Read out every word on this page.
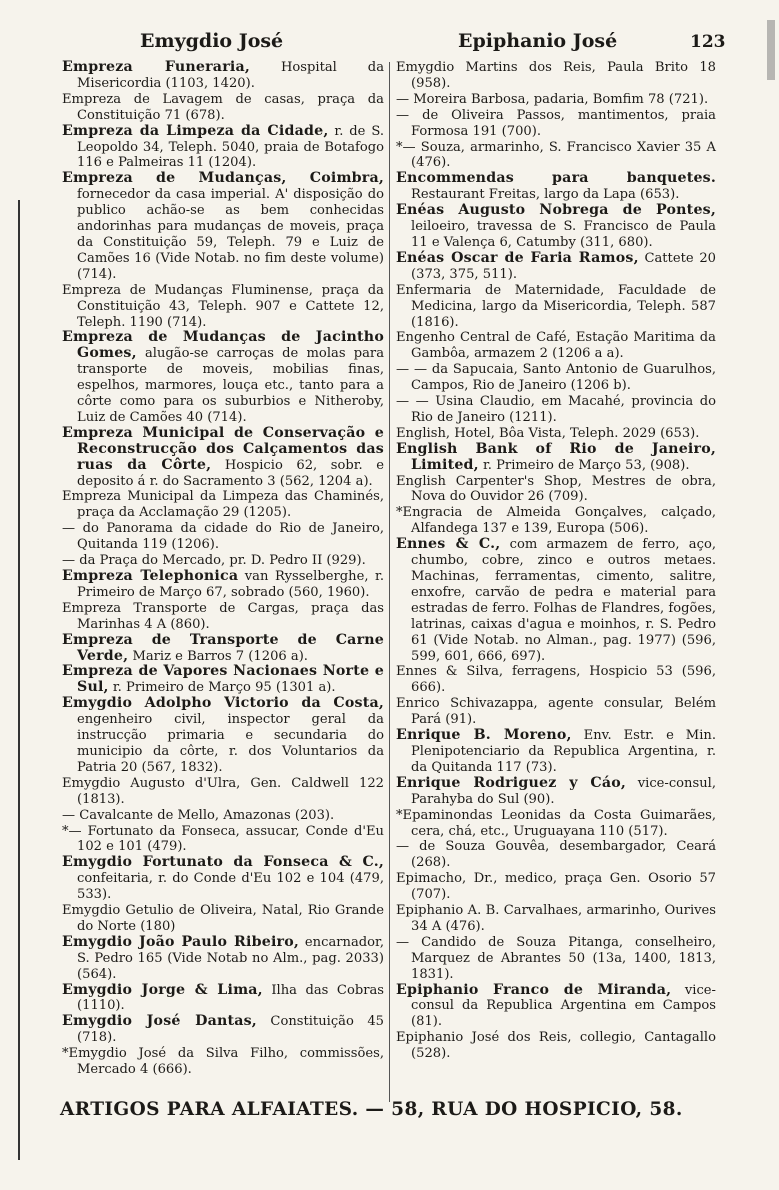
Emygdio José	Epiphanio José	123

Empreza Funeraria, Hospital da Misericordia (1103, 1420).

Empreza de Lavagem de casas, praça da Constituição 71 (678).

Empreza da Limpeza da Cidade, r. de S. Leopoldo 34, Teleph. 5040, praia de Botafogo 116 e Palmeiras 11 (1204).

Empreza de Mudanças, Coimbra, fornecedor da casa imperial. A' disposição do publico achão-se as bem conhecidas andorinhas para mudanças de moveis, praça da Constituição 59, Teleph. 79 e Luiz de Camões 16 (Vide Notab. no fim deste volume) (714).

Empreza de Mudanças Fluminense, praça da Constituição 43, Teleph. 907 e Cattete 12, Teleph. 1190 (714).

Empreza de Mudanças de Jacintho Gomes, alugão-se carroças de molas para transporte de moveis, mobilias finas, espelhos, marmores, louça etc., tanto para a côrte como para os suburbios e Nitheroby, Luiz de Camões 40 (714).

Empreza Municipal de Conservação e Reconstrucção dos Calçamentos das ruas da Côrte, Hospicio 62, sobr. e deposito á r. do Sacramento 3 (562, 1204 a).

Empreza Municipal da Limpeza das Chaminés, praça da Acclamação 29 (1205).

— do Panorama da cidade do Rio de Janeiro, Quitanda 119 (1206).

— da Praça do Mercado, pr. D. Pedro II (929).

Empreza Telephonica van Rysselberghe, r. Primeiro de Março 67, sobrado (560, 1960).

Empreza Transporte de Cargas, praça das Marinhas 4 A (860).

Empreza de Transporte de Carne Verde, Mariz e Barros 7 (1206 a).

Empreza de Vapores Nacionaes Norte e Sul, r. Primeiro de Março 95 (1301 a).

Emygdio Adolpho Victorio da Costa, engenheiro civil, inspector geral da instrucção primaria e secundaria do municipio da côrte, r. dos Voluntarios da Patria 20 (567, 1832).

Emygdio Augusto d'Ulra, Gen. Caldwell 122 (1813).

— Cavalcante de Mello, Amazonas (203).

*— Fortunato da Fonseca, assucar, Conde d'Eu 102 e 101 (479).

Emygdio Fortunato da Fonseca & C., confeitaria, r. do Conde d'Eu 102 e 104 (479, 533).

Emygdio Getulio de Oliveira, Natal, Rio Grande do Norte (180)

Emygdio João Paulo Ribeiro, encarnador, S. Pedro 165 (Vide Notab no Alm., pag. 2033) (564).

Emygdio Jorge & Lima, Ilha das Cobras (1110).

Emygdio José Dantas, Constituição 45 (718).

*Emygdio José da Silva Filho, commissões, Mercado 4 (666).

Emygdio Martins dos Reis, Paula Brito 18 (958).

— Moreira Barbosa, padaria, Bomfim 78 (721).

— de Oliveira Passos, mantimentos, praia Formosa 191 (700).

*— Souza, armarinho, S. Francisco Xavier 35 A (476).

Encommendas para banquetes. Restaurant Freitas, largo da Lapa (653).

Enéas Augusto Nobrega de Pontes, leiloeiro, travessa de S. Francisco de Paula 11 e Valença 6, Catumby (311, 680).

Enéas Oscar de Faria Ramos, Cattete 20 (373, 375, 511).

Enfermaria de Maternidade, Faculdade de Medicina, largo da Misericordia, Teleph. 587 (1816).

Engenho Central de Café, Estação Maritima da Gambôa, armazem 2 (1206 a a).

— — da Sapucaia, Santo Antonio de Guarulhos, Campos, Rio de Janeiro (1206 b).

— — Usina Claudio, em Macahé, provincia do Rio de Janeiro (1211).

English, Hotel, Bôa Vista, Teleph. 2029 (653).

English Bank of Rio de Janeiro, Limited, r. Primeiro de Março 53, (908).

English Carpenter's Shop, Mestres de obra, Nova do Ouvidor 26 (709).

*Engracia de Almeida Gonçalves, calçado, Alfandega 137 e 139, Europa (506).

Ennes & C., com armazem de ferro, aço, chumbo, cobre, zinco e outros metaes. Machinas, ferramentas, cimento, salitre, enxofre, carvão de pedra e material para estradas de ferro. Folhas de Flandres, fogões, latrinas, caixas d'agua e moinhos, r. S. Pedro 61 (Vide Notab. no Alman., pag. 1977) (596, 599, 601, 666, 697).

Ennes & Silva, ferragens, Hospicio 53 (596, 666).

Enrico Schivazappa, agente consular, Belém Pará (91).

Enrique B. Moreno, Env. Estr. e Min. Plenipotenciario da Republica Argentina, r. da Quitanda 117 (73).

Enrique Rodriguez y Cáo, vice-consul, Parahyba do Sul (90).

*Epaminondas Leonidas da Costa Guimarães, cera, chá, etc., Uruguayana 110 (517).

— de Souza Gouvêa, desembargador, Ceará (268).

Epimacho, Dr., medico, praça Gen. Osorio 57 (707).

Epiphanio A. B. Carvalhaes, armarinho, Ourives 34 A (476).

— Candido de Souza Pitanga, conselheiro, Marquez de Abrantes 50 (13a, 1400, 1813, 1831).

Epiphanio Franco de Miranda, vice-consul da Republica Argentina em Campos (81).

Epiphanio José dos Reis, collegio, Cantagallo (528).

ARTIGOS PARA ALFAIATES. — 58, RUA DO HOSPICIO, 58.
